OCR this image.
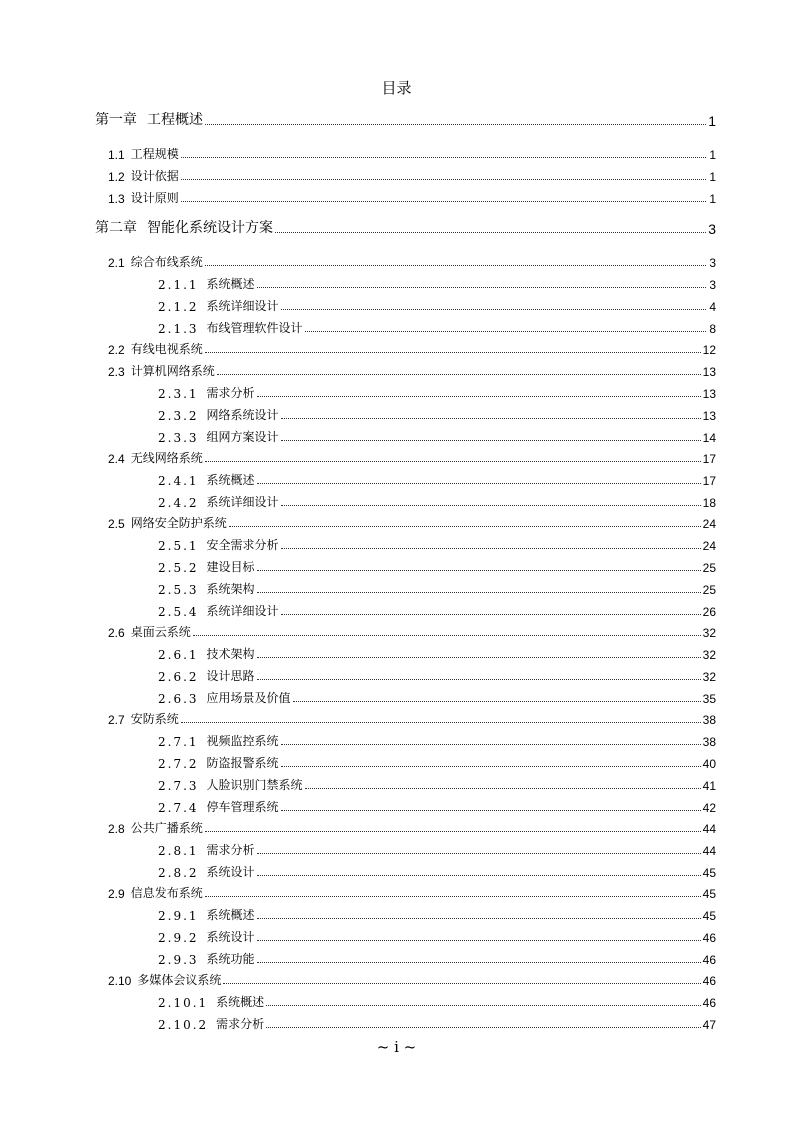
目录
第一章 工程概述	1
1.1 工程规模	1
1.2 设计依据	1
1.3 设计原则	1
第二章 智能化系统设计方案	3
2.1 综合布线系统	3
2.1.1 系统概述	3
2.1.2 系统详细设计	4
2.1.3 布线管理软件设计	8
2.2 有线电视系统	12
2.3 计算机网络系统	13
2.3.1 需求分析	13
2.3.2 网络系统设计	13
2.3.3 组网方案设计	14
2.4 无线网络系统	17
2.4.1 系统概述	17
2.4.2 系统详细设计	18
2.5 网络安全防护系统	24
2.5.1 安全需求分析	24
2.5.2 建设目标	25
2.5.3 系统架构	25
2.5.4 系统详细设计	26
2.6 桌面云系统	32
2.6.1 技术架构	32
2.6.2 设计思路	32
2.6.3 应用场景及价值	35
2.7 安防系统	38
2.7.1 视频监控系统	38
2.7.2 防盗报警系统	40
2.7.3 人脸识别门禁系统	41
2.7.4 停车管理系统	42
2.8 公共广播系统	44
2.8.1 需求分析	44
2.8.2 系统设计	45
2.9 信息发布系统	45
2.9.1 系统概述	45
2.9.2 系统设计	46
2.9.3 系统功能	46
2.10 多媒体会议系统	46
2.10.1 系统概述	46
2.10.2 需求分析	47
~ i ~
